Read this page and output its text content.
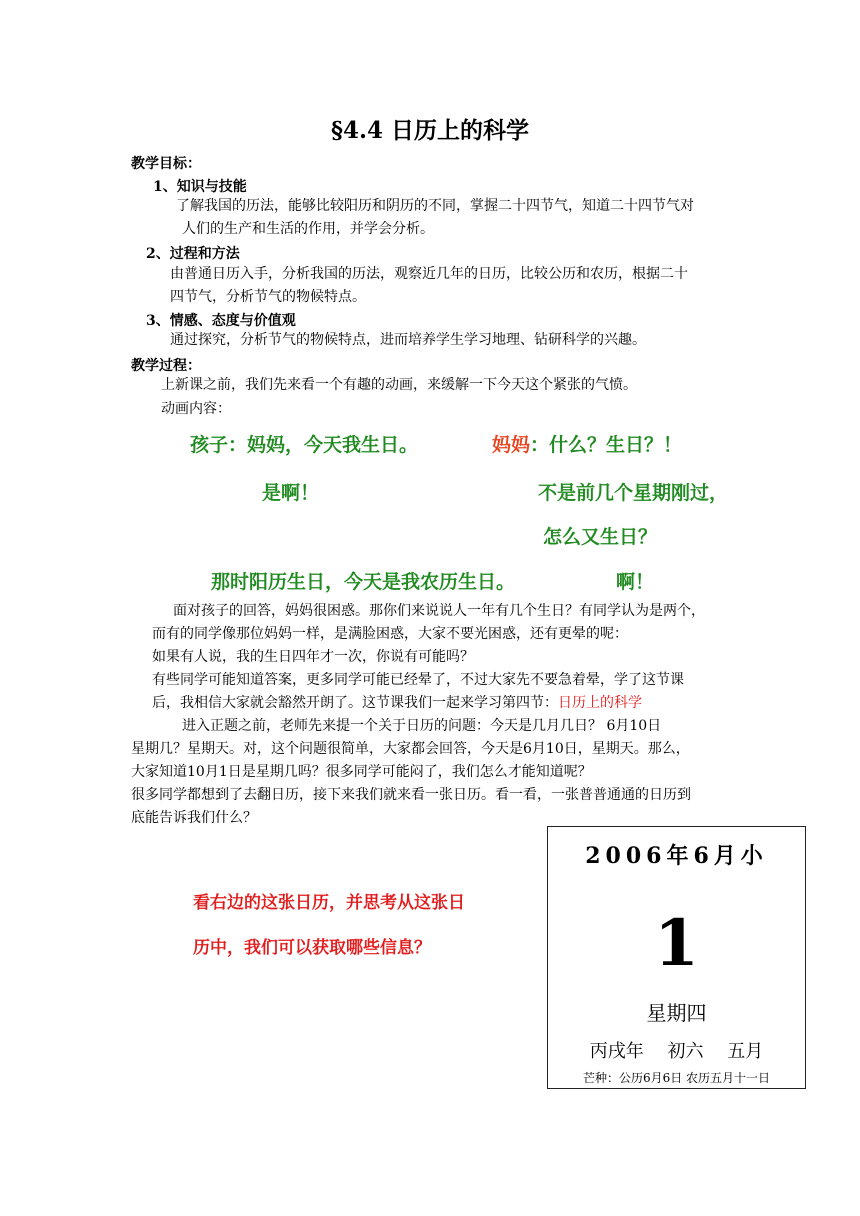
§4.4 日历上的科学
教学目标：
1、知识与技能
了解我国的历法，能够比较阳历和阴历的不同，掌握二十四节气，知道二十四节气对
人们的生产和生活的作用，并学会分析。
2、过程和方法
由普通日历入手，分析我国的历法，观察近几年的日历，比较公历和农历，根据二十
四节气，分析节气的物候特点。
3、情感、态度与价值观
通过探究，分析节气的物候特点，进而培养学生学习地理、钻研科学的兴趣。
教学过程：
上新课之前，我们先来看一个有趣的动画，来缓解一下今天这个紧张的气愤。
动画内容：
孩子：妈妈，今天我生日。	妈妈：什么？生日？！
是啊！	不是前几个星期刚过，
怎么又生日？
那时阳历生日，今天是我农历生日。	啊！
面对孩子的回答，妈妈很困惑。那你们来说说人一年有几个生日？有同学认为是两个，
而有的同学像那位妈妈一样，是满脸困惑，大家不要光困惑，还有更晕的呢：
如果有人说，我的生日四年才一次，你说有可能吗？
有些同学可能知道答案，更多同学可能已经晕了，不过大家先不要急着晕，学了这节课
后，我相信大家就会豁然开朗了。这节课我们一起来学习第四节：日历上的科学
进入正题之前，老师先来提一个关于日历的问题：今天是几月几日？ 6月10日
星期几？星期天。对，这个问题很简单，大家都会回答，今天是6月10日，星期天。那么，
大家知道10月1日是星期几吗？很多同学可能闷了，我们怎么才能知道呢？
很多同学都想到了去翻日历，接下来我们就来看一张日历。看一看，一张普普通通的日历到
底能告诉我们什么？
看右边的这张日历，并思考从这张日
历中，我们可以获取哪些信息？
2006年6月小
1
星期四
丙戌年 初六 五月
芒种：公历6月6日 农历五月十一日
